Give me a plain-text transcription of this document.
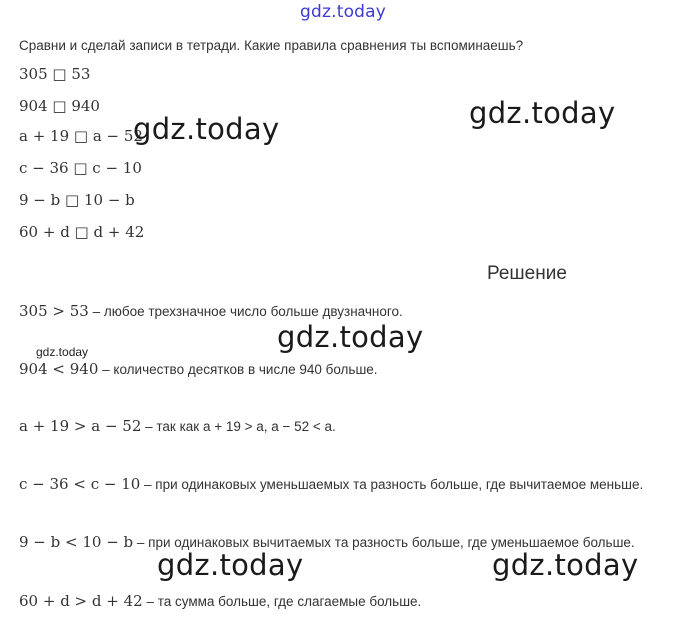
gdz.today
Сравни и сделай записи в тетради. Какие правила сравнения ты вспоминаешь?
305 □ 53
904 □ 940
a + 19 □ a − 52
c − 36 □ c − 10
9 − b □ 10 − b
60 + d □ d + 42
gdz.today	gdz.today
Решение
gdz.today
gdz.today
305 > 53 – любое трехзначное число больше двузначного.
904 < 940 – количество десятков в числе 940 больше.
a + 19 > a − 52 – так как a + 19 > a, a − 52 < a.
c − 36 < c − 10 – при одинаковых уменьшаемых та разность больше, где вычитаемое меньше.
9 − b < 10 − b – при одинаковых вычитаемых та разность больше, где уменьшаемое больше.
60 + d > d + 42 – та сумма больше, где слагаемые больше.
gdz.today	gdz.today
